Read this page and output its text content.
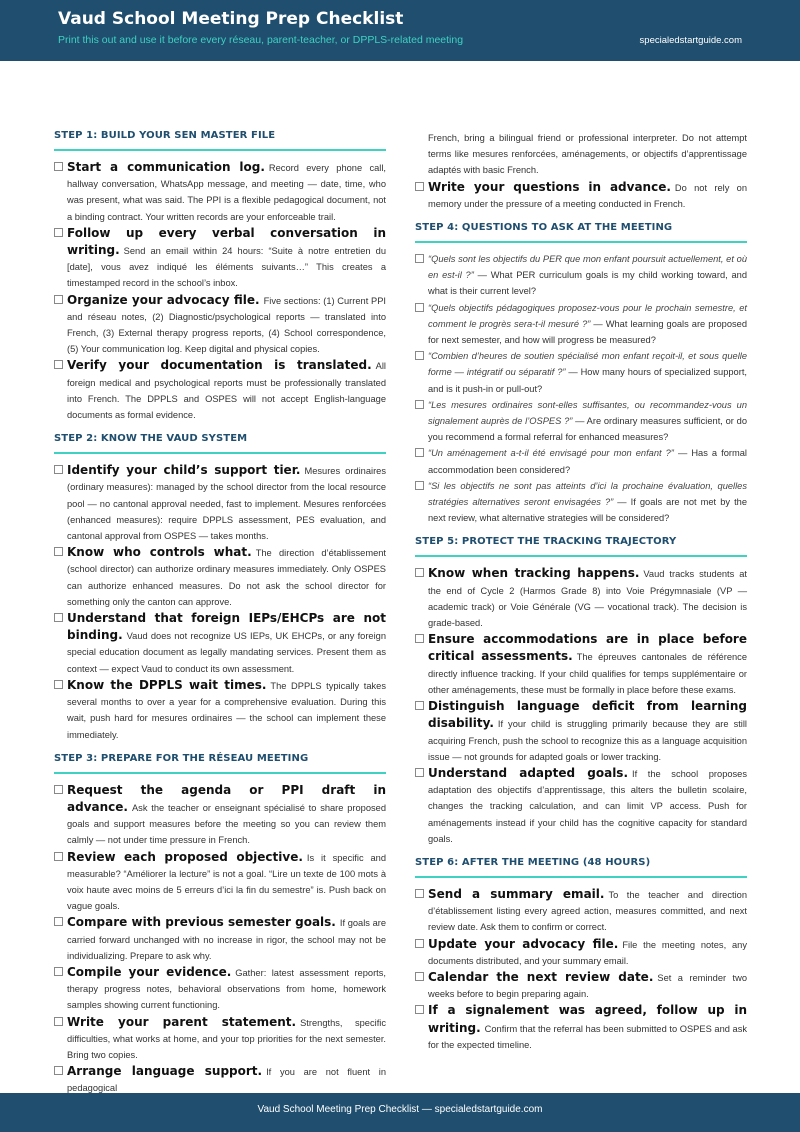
Vaud School Meeting Prep Checklist
Print this out and use it before every réseau, parent-teacher, or DPPLS-related meeting	specialedstartguide.com
STEP 1: BUILD YOUR SEN MASTER FILE
Start a communication log. Record every phone call, hallway conversation, WhatsApp message, and meeting — date, time, who was present, what was said. The PPI is a flexible pedagogical document, not a binding contract. Your written records are your enforceable trail.
Follow up every verbal conversation in writing. Send an email within 24 hours: “Suite à notre entretien du [date], vous avez indiqué les éléments suivants…” This creates a timestamped record in the school’s inbox.
Organize your advocacy file. Five sections: (1) Current PPI and réseau notes, (2) Diagnostic/psychological reports — translated into French, (3) External therapy progress reports, (4) School correspondence, (5) Your communication log. Keep digital and physical copies.
Verify your documentation is translated. All foreign medical and psychological reports must be professionally translated into French. The DPPLS and OSPES will not accept English-language documents as formal evidence.
STEP 2: KNOW THE VAUD SYSTEM
Identify your child’s support tier. Mesures ordinaires (ordinary measures): managed by the school director from the local resource pool — no cantonal approval needed, fast to implement. Mesures renforcées (enhanced measures): require DPPLS assessment, PES evaluation, and cantonal approval from OSPES — takes months.
Know who controls what. The direction d’établissement (school director) can authorize ordinary measures immediately. Only OSPES can authorize enhanced measures. Do not ask the school director for something only the canton can approve.
Understand that foreign IEPs/EHCPs are not binding. Vaud does not recognize US IEPs, UK EHCPs, or any foreign special education document as legally mandating services. Present them as context — expect Vaud to conduct its own assessment.
Know the DPPLS wait times. The DPPLS typically takes several months to over a year for a comprehensive evaluation. During this wait, push hard for mesures ordinaires — the school can implement these immediately.
STEP 3: PREPARE FOR THE RÉSEAU MEETING
Request the agenda or PPI draft in advance. Ask the teacher or enseignant spécialisé to share proposed goals and support measures before the meeting so you can review them calmly — not under time pressure in French.
Review each proposed objective. Is it specific and measurable? “Améliorer la lecture” is not a goal. “Lire un texte de 100 mots à voix haute avec moins de 5 erreurs d’ici la fin du semestre” is. Push back on vague goals.
Compare with previous semester goals. If goals are carried forward unchanged with no increase in rigor, the school may not be individualizing. Prepare to ask why.
Compile your evidence. Gather: latest assessment reports, therapy progress notes, behavioral observations from home, homework samples showing current functioning.
Write your parent statement. Strengths, specific difficulties, what works at home, and your top priorities for the next semester. Bring two copies.
Arrange language support. If you are not fluent in pedagogical
French, bring a bilingual friend or professional interpreter. Do not attempt terms like mesures renforcées, aménagements, or objectifs d’apprentissage adaptés with basic French.
Write your questions in advance. Do not rely on memory under the pressure of a meeting conducted in French.
STEP 4: QUESTIONS TO ASK AT THE MEETING
“Quels sont les objectifs du PER que mon enfant poursuit actuellement, et où en est-il ?” — What PER curriculum goals is my child working toward, and what is their current level?
“Quels objectifs pédagogiques proposez-vous pour le prochain semestre, et comment le progrès sera-t-il mesuré ?” — What learning goals are proposed for next semester, and how will progress be measured?
“Combien d’heures de soutien spécialisé mon enfant reçoit-il, et sous quelle forme — intégratif ou séparatif ?” — How many hours of specialized support, and is it push-in or pull-out?
“Les mesures ordinaires sont-elles suffisantes, ou recommandez-vous un signalement auprès de l’OSPES ?” — Are ordinary measures sufficient, or do you recommend a formal referral for enhanced measures?
“Un aménagement a-t-il été envisagé pour mon enfant ?” — Has a formal accommodation been considered?
“Si les objectifs ne sont pas atteints d’ici la prochaine évaluation, quelles stratégies alternatives seront envisagées ?” — If goals are not met by the next review, what alternative strategies will be considered?
STEP 5: PROTECT THE TRACKING TRAJECTORY
Know when tracking happens. Vaud tracks students at the end of Cycle 2 (Harmos Grade 8) into Voie Prégymnasiale (VP — academic track) or Voie Générale (VG — vocational track). The decision is grade-based.
Ensure accommodations are in place before critical assessments. The épreuves cantonales de référence directly influence tracking. If your child qualifies for temps supplémentaire or other aménagements, these must be formally in place before these exams.
Distinguish language deficit from learning disability. If your child is struggling primarily because they are still acquiring French, push the school to recognize this as a language acquisition issue — not grounds for adapted goals or lower tracking.
Understand adapted goals. If the school proposes adaptation des objectifs d’apprentissage, this alters the bulletin scolaire, changes the tracking calculation, and can limit VP access. Push for aménagements instead if your child has the cognitive capacity for standard goals.
STEP 6: AFTER THE MEETING (48 HOURS)
Send a summary email. To the teacher and direction d’établissement listing every agreed action, measures committed, and next review date. Ask them to confirm or correct.
Update your advocacy file. File the meeting notes, any documents distributed, and your summary email.
Calendar the next review date. Set a reminder two weeks before to begin preparing again.
If a signalement was agreed, follow up in writing. Confirm that the referral has been submitted to OSPES and ask for the expected timeline.
Vaud School Meeting Prep Checklist — specialedstartguide.com
